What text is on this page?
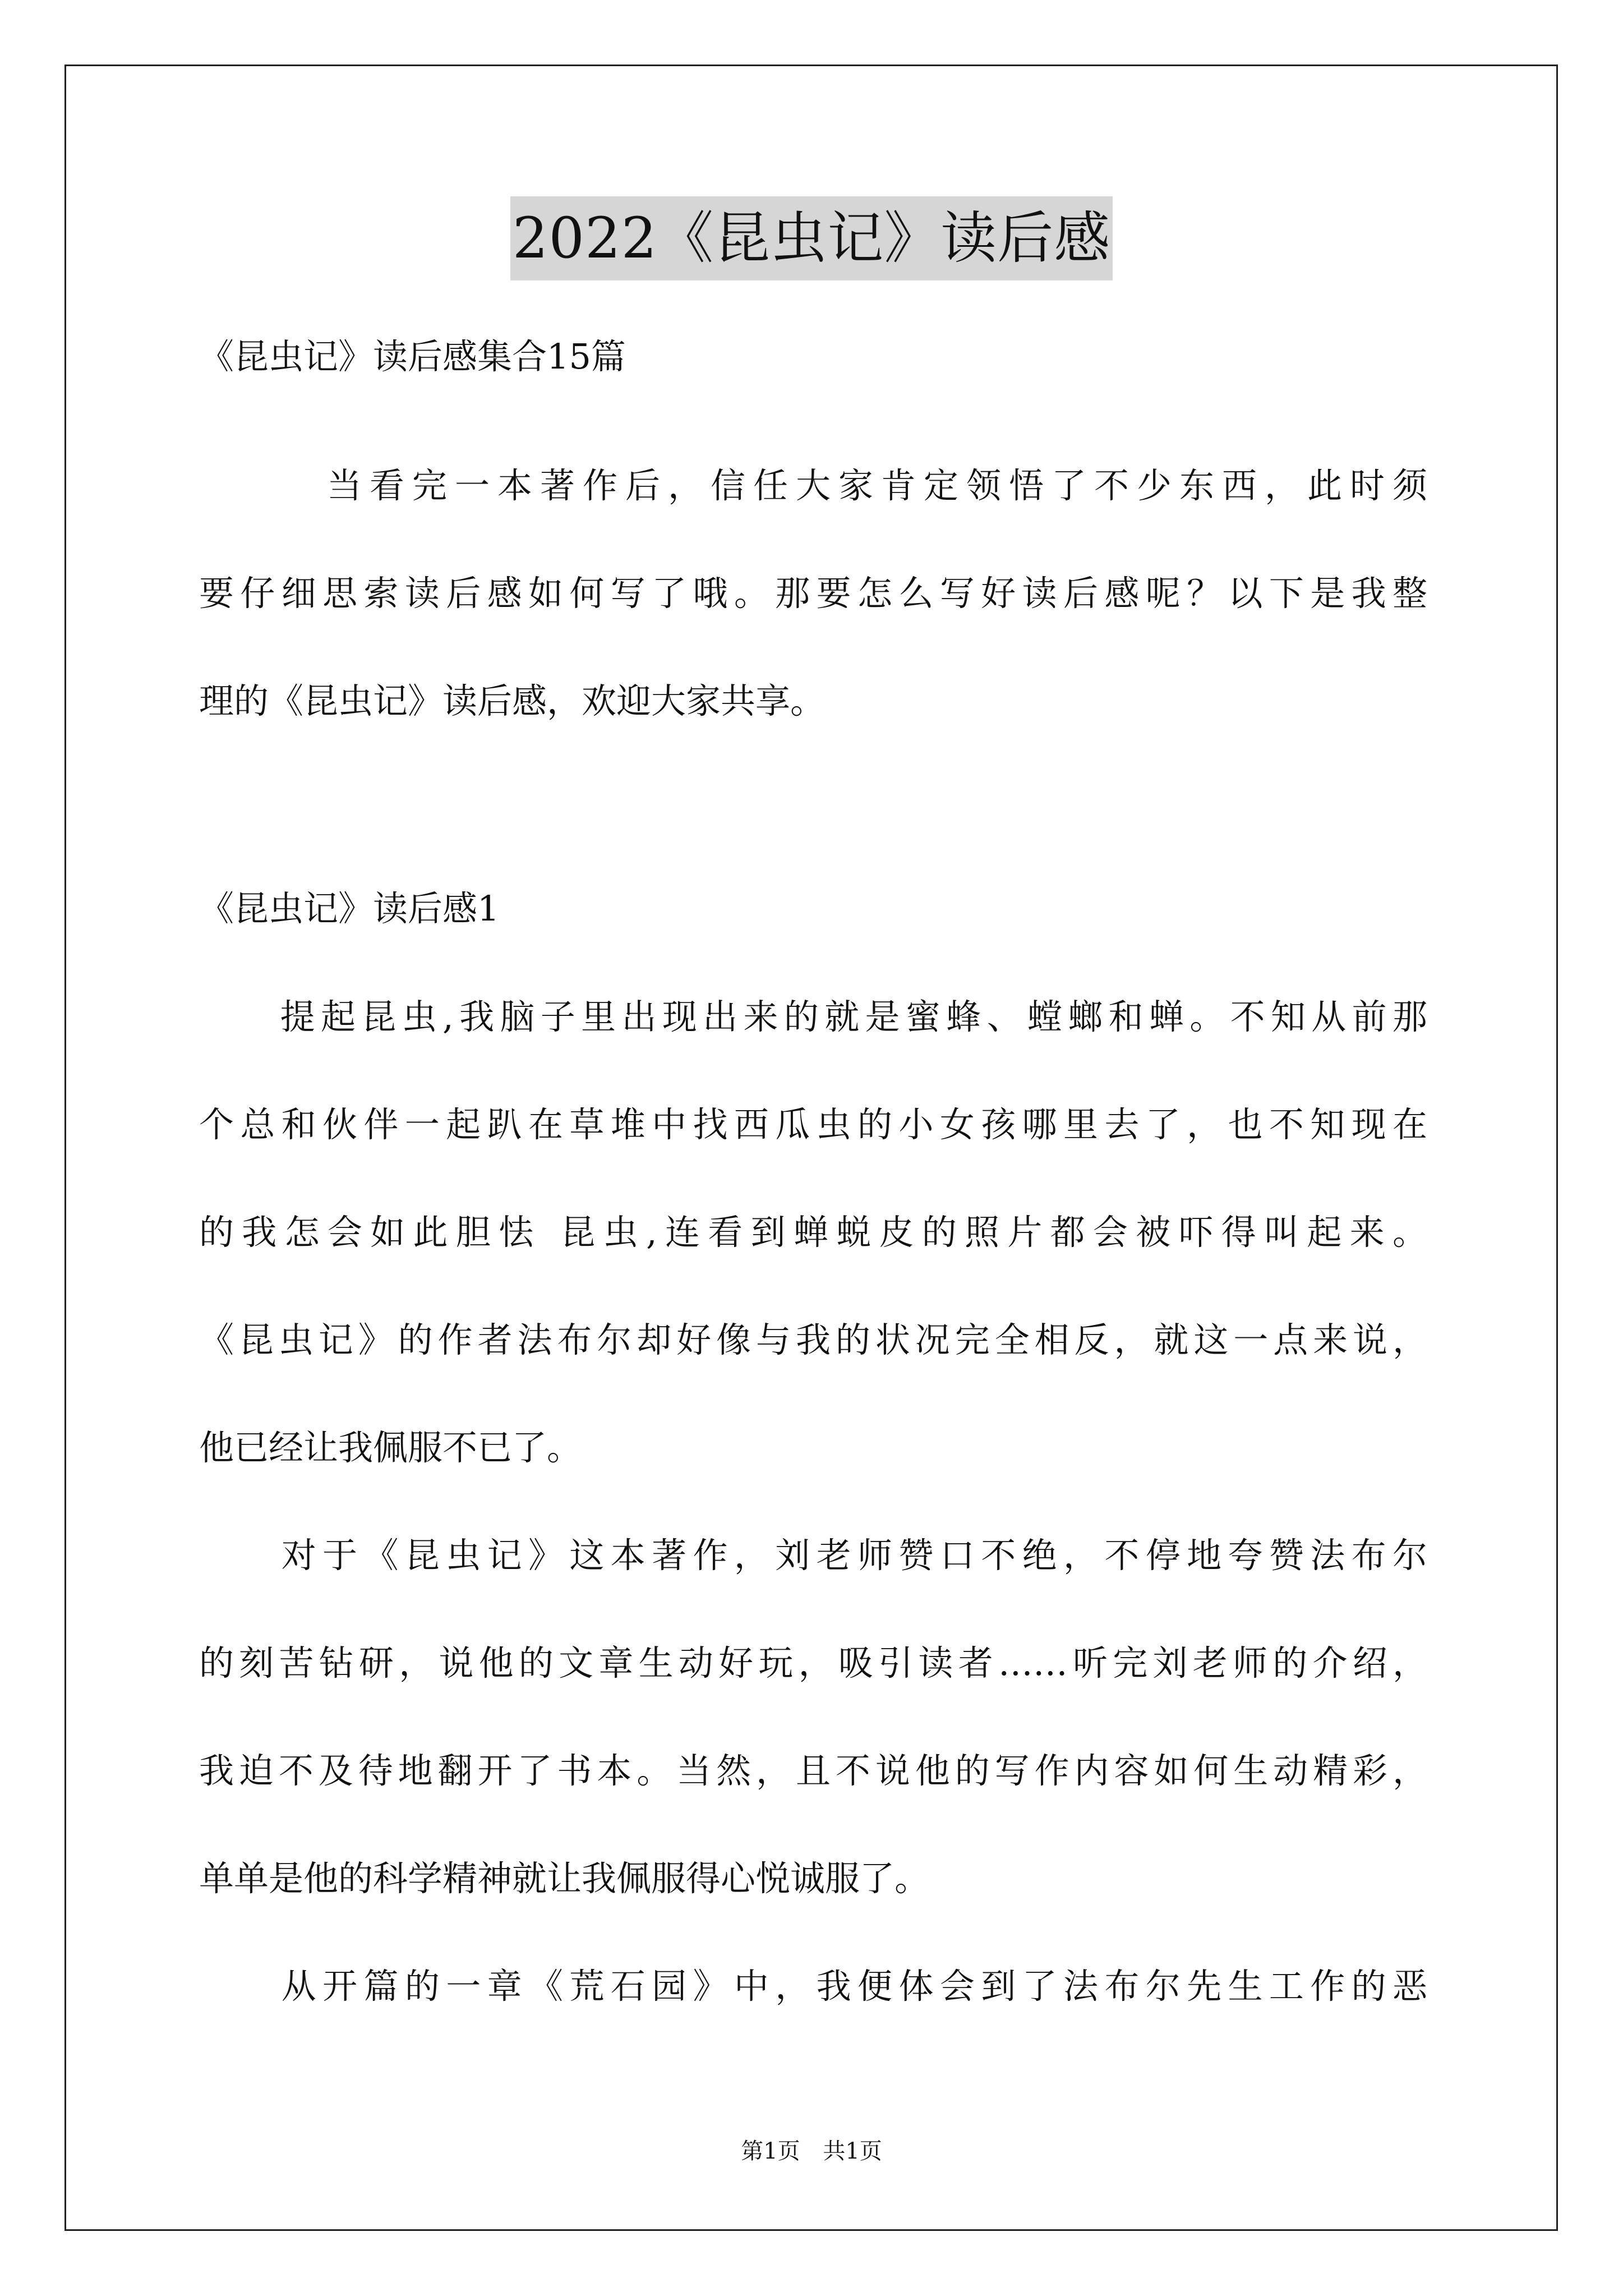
2022《昆虫记》读后感
《昆虫记》读后感集合15篇
　　　当看完一本著作后，信任大家肯定领悟了不少东西，此时须
要仔细思索读后感如何写了哦。那要怎么写好读后感呢？以下是我整
理的《昆虫记》读后感，欢迎大家共享。
《昆虫记》读后感1
　　提起昆虫,我脑子里出现出来的就是蜜蜂、螳螂和蝉。不知从前那
个总和伙伴一起趴在草堆中找西瓜虫的小女孩哪里去了，也不知现在
的我怎会如此胆怯 昆虫,连看到蝉蜕皮的照片都会被吓得叫起来。
《昆虫记》的作者法布尔却好像与我的状况完全相反，就这一点来说，
他已经让我佩服不已了。
　　对于《昆虫记》这本著作，刘老师赞口不绝，不停地夸赞法布尔
的刻苦钻研，说他的文章生动好玩，吸引读者……听完刘老师的介绍，
我迫不及待地翻开了书本。当然，且不说他的写作内容如何生动精彩，
单单是他的科学精神就让我佩服得心悦诚服了。
　　从开篇的一章《荒石园》中，我便体会到了法布尔先生工作的恶
第1页 共1页
